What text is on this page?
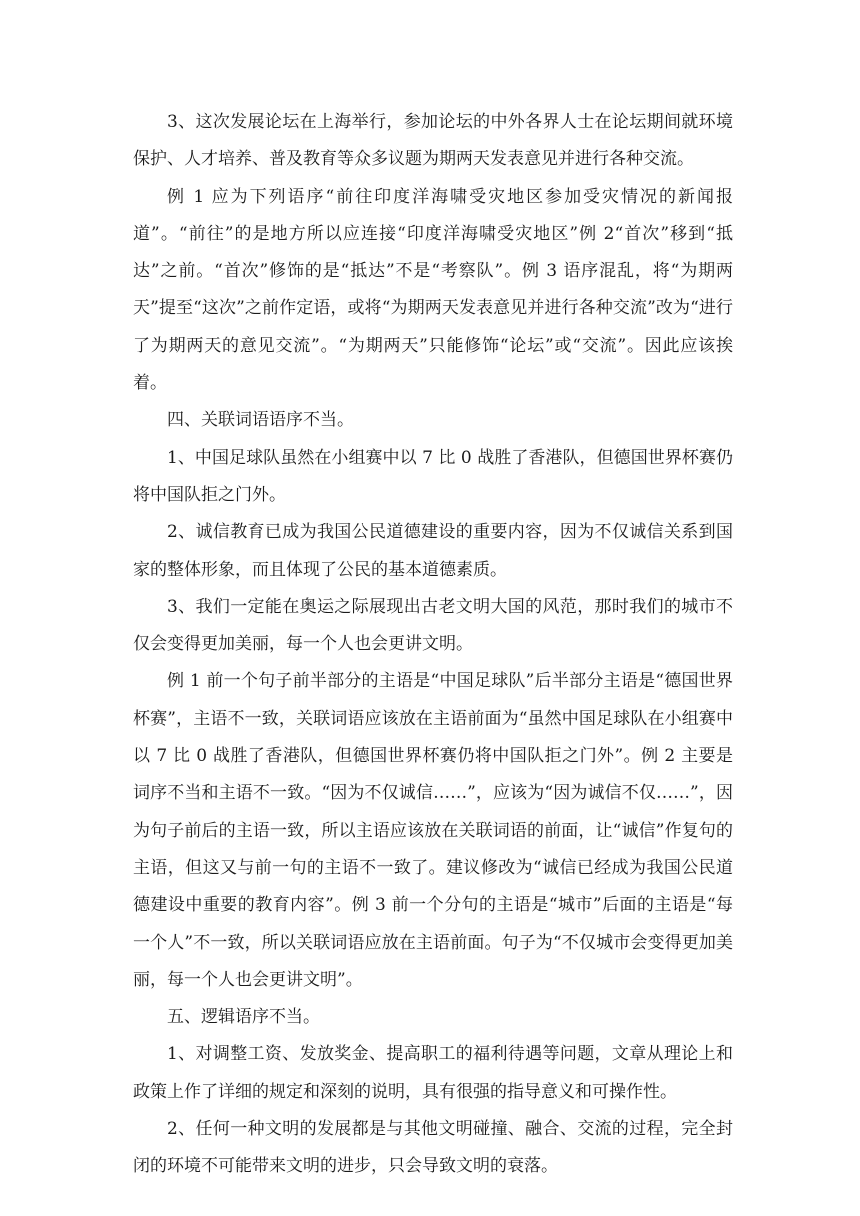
3、这次发展论坛在上海举行，参加论坛的中外各界人士在论坛期间就环境保护、人才培养、普及教育等众多议题为期两天发表意见并进行各种交流。

例 1 应为下列语序“前往印度洋海啸受灾地区参加受灾情况的新闻报道”。“前往”的是地方所以应连接“印度洋海啸受灾地区”例 2“首次”移到“抵达”之前。“首次”修饰的是“抵达”不是“考察队”。例 3 语序混乱，将“为期两天”提至“这次”之前作定语，或将“为期两天发表意见并进行各种交流”改为“进行了为期两天的意见交流”。“为期两天”只能修饰“论坛”或“交流”。因此应该挨着。

四、关联词语语序不当。

1、中国足球队虽然在小组赛中以 7 比 0 战胜了香港队，但德国世界杯赛仍将中国队拒之门外。

2、诚信教育已成为我国公民道德建设的重要内容，因为不仅诚信关系到国家的整体形象，而且体现了公民的基本道德素质。

3、我们一定能在奥运之际展现出古老文明大国的风范，那时我们的城市不仅会变得更加美丽，每一个人也会更讲文明。

例 1 前一个句子前半部分的主语是“中国足球队”后半部分主语是“德国世界杯赛”，主语不一致，关联词语应该放在主语前面为“虽然中国足球队在小组赛中以 7 比 0 战胜了香港队，但德国世界杯赛仍将中国队拒之门外”。例 2 主要是词序不当和主语不一致。“因为不仅诚信……”，应该为“因为诚信不仅……”，因为句子前后的主语一致，所以主语应该放在关联词语的前面，让“诚信”作复句的主语，但这又与前一句的主语不一致了。建议修改为“诚信已经成为我国公民道德建设中重要的教育内容”。例 3 前一个分句的主语是“城市”后面的主语是“每一个人”不一致，所以关联词语应放在主语前面。句子为“不仅城市会变得更加美丽，每一个人也会更讲文明”。

五、逻辑语序不当。

1、对调整工资、发放奖金、提高职工的福利待遇等问题，文章从理论上和政策上作了详细的规定和深刻的说明，具有很强的指导意义和可操作性。

2、任何一种文明的发展都是与其他文明碰撞、融合、交流的过程，完全封闭的环境不可能带来文明的进步，只会导致文明的衰落。
